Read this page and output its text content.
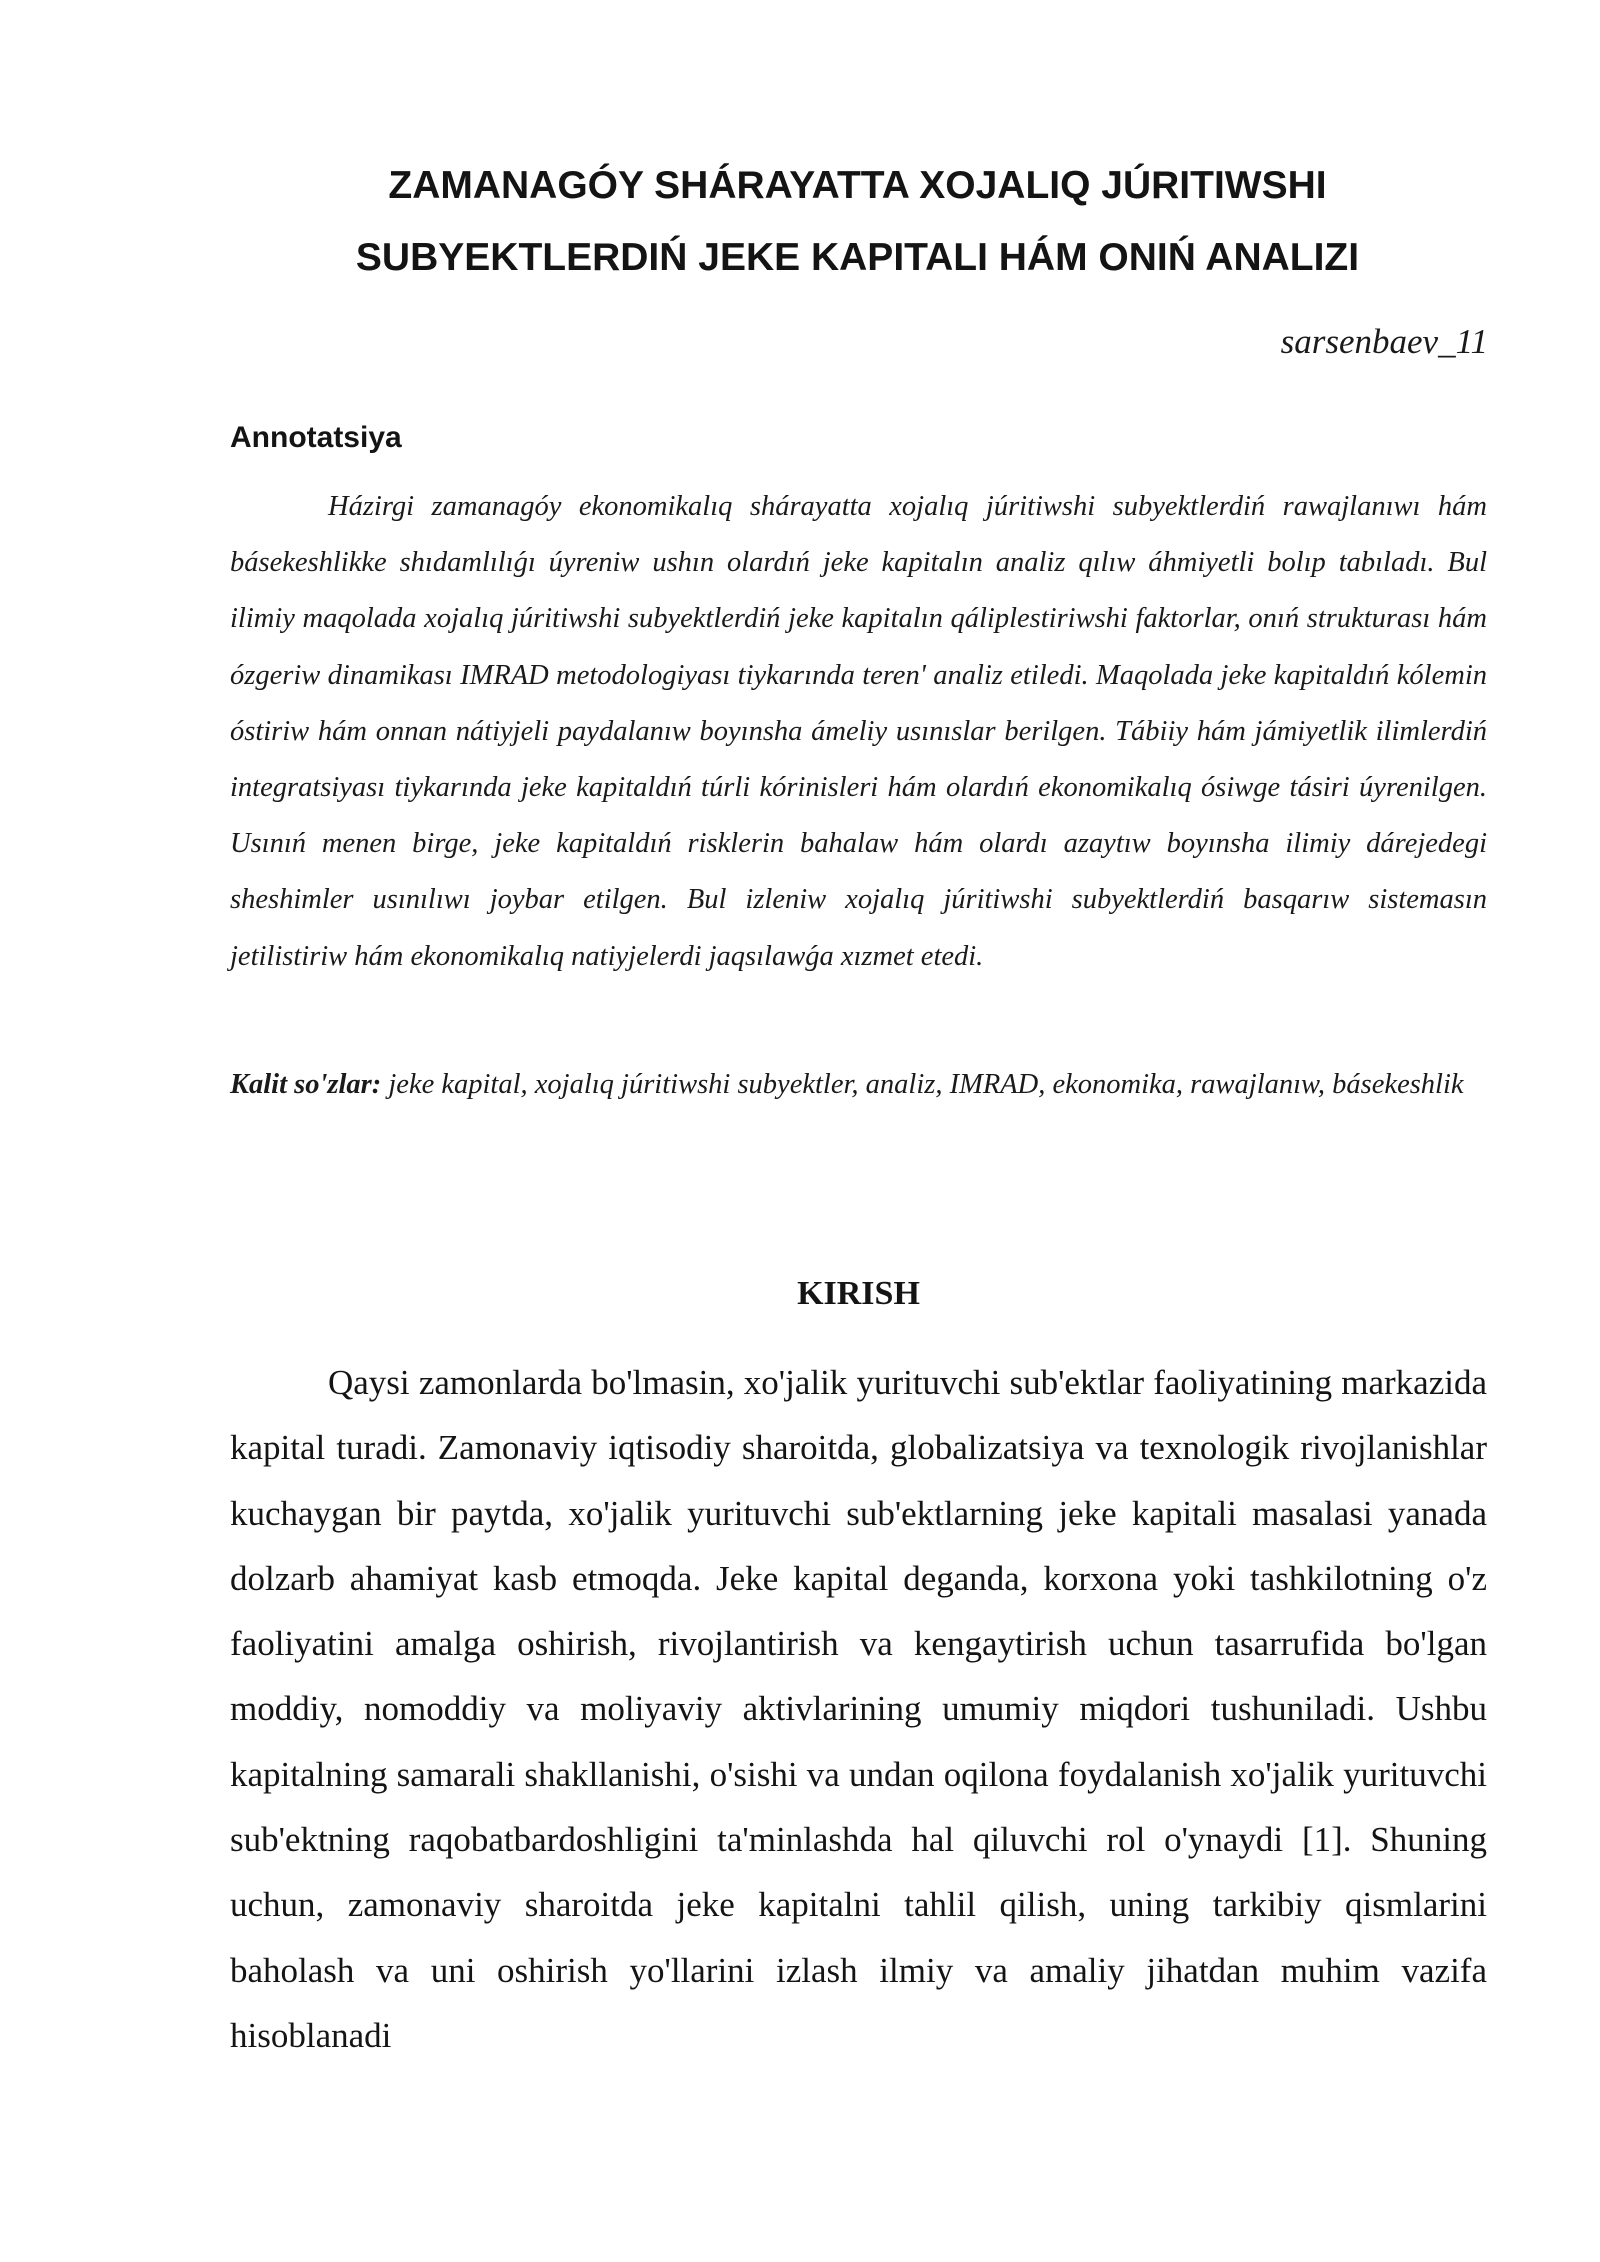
ZAMANAGÓY SHÁRAYATTA XOJALIQ JÚRITIWSHI
SUBYEKTLERDIŃ JEKE KAPITALI HÁM ONIŃ ANALIZI
sarsenbaev_11
Annotatsiya

Házirgi zamanagóy ekonomikalıq sháraуatta xojalıq júritiwshi subyektlerdiń rawajlanıwı hám básekeshlikke shıdamlılıǵı úyreniw ushın olardıń jeke kapitalın analiz qılıw áhmiyetli bolıp tabıladı. Bul ilimiy maqolada xojalıq júritiwshi subyektlerdiń jeke kapitalın qáliplestiriwshi faktorlar, onıń strukturası hám ózgeriw dinamikası IMRAD metodologiyası tiykarında teren' analiz etiledi. Maqolada jeke kapitaldıń kólemin óstiriw hám onnan nátiyjeli paydalanıw boyınsha ámeliy usınıslar berilgen. Tábiiy hám jámiyetlik ilimlerdiń integratsiyası tiykarında jeke kapitaldıń túrli kórinisleri hám olardıń ekonomikalıq ósiwge tásiri úyrenilgen. Usınıń menen birge, jeke kapitaldıń risklerin bahalaw hám olardı azaytıw boyınsha ilimiy dárejedegi sheshimler usınılıwı joybar etilgen. Bul izleniw xojalıq júritiwshi subyektlerdiń basqarıw sistemasın jetilistiriw hám ekonomikalıq natiyjelerdi jaqsılawǵa xızmet etedi.

Kalit so'zlar: jeke kapital, xojalıq júritiwshi subyektler, analiz, IMRAD, ekonomika, rawajlanıw, básekeshlik

KIRISH

Qaysi zamonlarda bo'lmasin, xo'jalik yurituvchi sub'ektlar faoliyatining markazida kapital turadi. Zamonaviy iqtisodiy sharoitda, globalizatsiya va texnologik rivojlanishlar kuchaygan bir paytda, xo'jalik yurituvchi sub'ektlarning jeke kapitali masalasi yanada dolzarb ahamiyat kasb etmoqda. Jeke kapital deganda, korxona yoki tashkilotning o'z faoliyatini amalga oshirish, rivojlantirish va kengaytirish uchun tasarrufida bo'lgan moddiy, nomoddiy va moliyaviy aktivlarining umumiy miqdori tushuniladi. Ushbu kapitalning samarali shakllanishi, o'sishi va undan oqilona foydalanish xo'jalik yurituvchi sub'ektning raqobatbardoshligini ta'minlashda hal qiluvchi rol o'ynaydi [1]. Shuning uchun, zamonaviy sharoitda jeke kapitalni tahlil qilish, uning tarkibiy qismlarini baholash va uni oshirish yo'llarini izlash ilmiy va amaliy jihatdan muhim vazifa hisoblanadi
